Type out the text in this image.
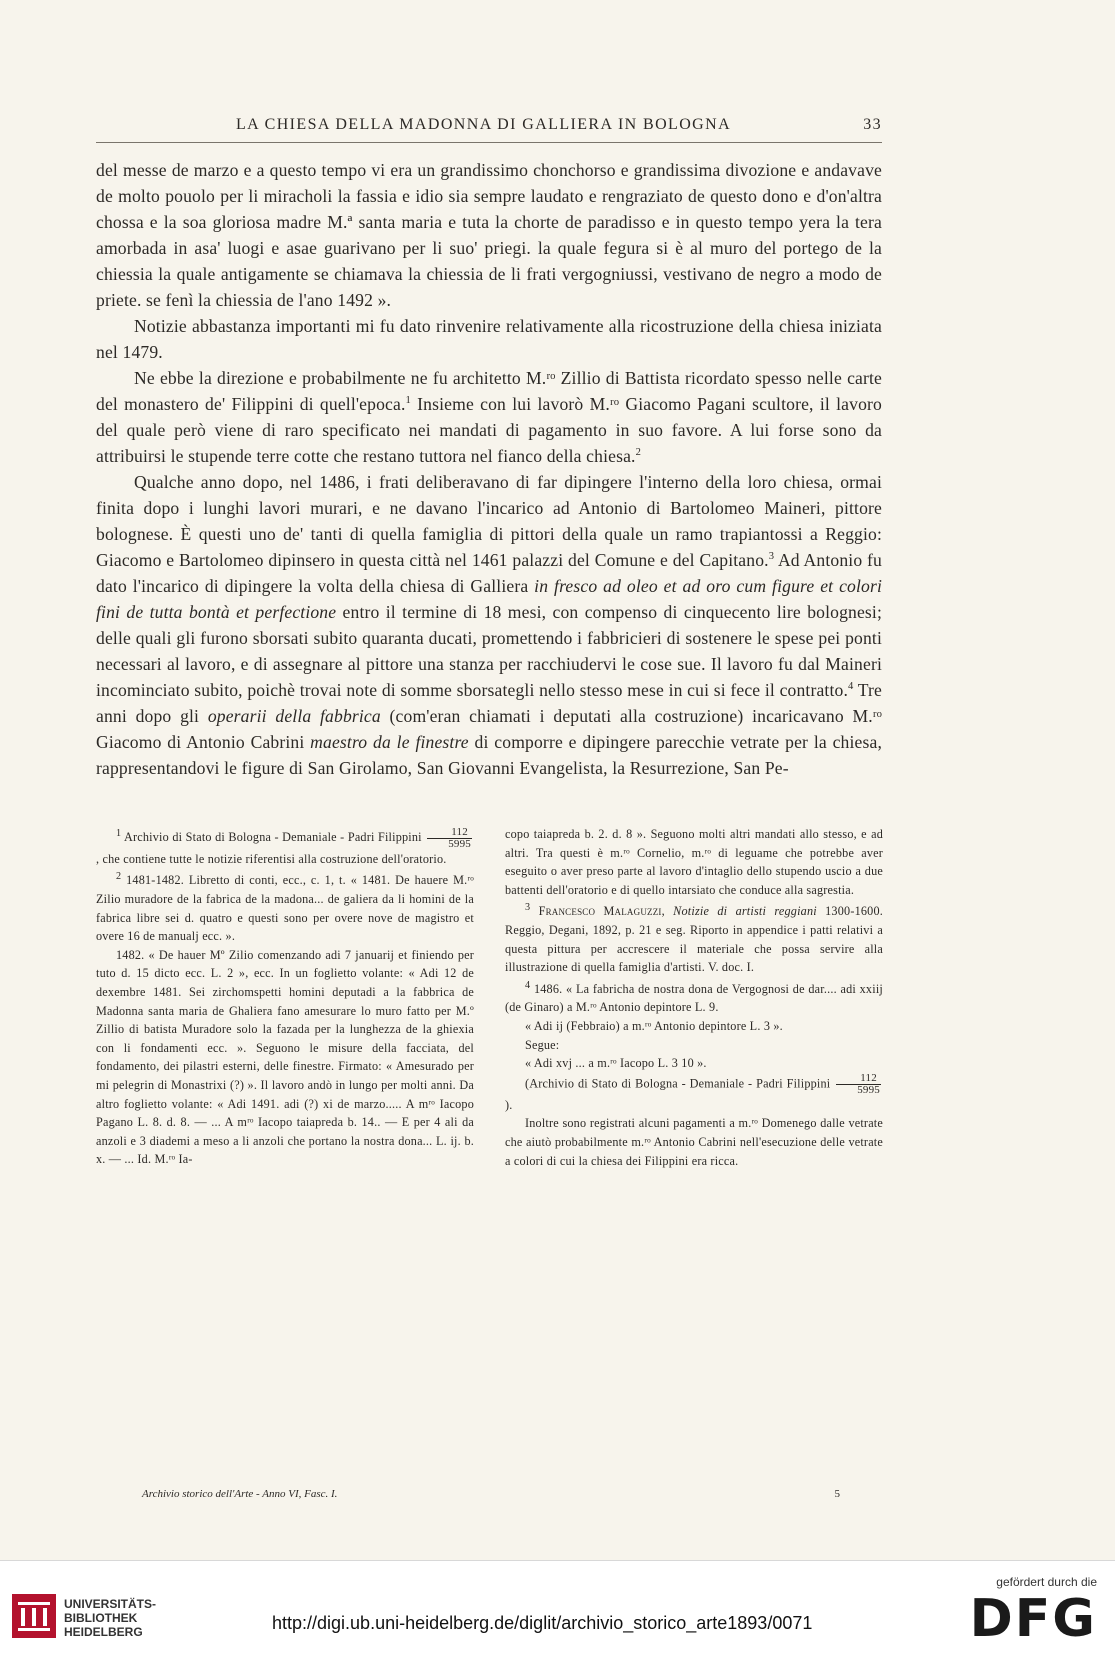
LA CHIESA DELLA MADONNA DI GALLIERA IN BOLOGNA	33

del messe de marzo e a questo tempo vi era un grandissimo chonchorso e grandissima divozione e andavave de molto pouolo per li miracholi la fassia e idio sia sempre laudato e rengraziato de questo dono e d'on'altra chossa e la soa gloriosa madre M.ª santa maria e tuta la chorte de paradisso e in questo tempo yera la tera amorbada in asa' luogi e asae guarivano per li suo' priegi. la quale fegura si è al muro del portego de la chiessia la quale antigamente se chiamava la chiessia de li frati vergogniussi, vestivano de negro a modo de priete. se fenì la chiessia de l'ano 1492 ».

Notizie abbastanza importanti mi fu dato rinvenire relativamente alla ricostruzione della chiesa iniziata nel 1479.

Ne ebbe la direzione e probabilmente ne fu architetto M.ʳᵒ Zillio di Battista ricordato spesso nelle carte del monastero de' Filippini di quell'epoca.$^1$ Insieme con lui lavorò M.ʳᵒ Giacomo Pagani scultore, il lavoro del quale però viene di raro specificato nei mandati di pagamento in suo favore. A lui forse sono da attribuirsi le stupende terre cotte che restano tuttora nel fianco della chiesa.$^2$

Qualche anno dopo, nel 1486, i frati deliberavano di far dipingere l'interno della loro chiesa, ormai finita dopo i lunghi lavori murari, e ne davano l'incarico ad Antonio di Bartolomeo Maineri, pittore bolognese. È questi uno de' tanti di quella famiglia di pittori della quale un ramo trapiantossi a Reggio: Giacomo e Bartolomeo dipinsero in questa città nel 1461 palazzi del Comune e del Capitano.$^3$ Ad Antonio fu dato l'incarico di dipingere la volta della chiesa di Galliera in fresco ad oleo et ad oro cum figure et colori fini de tutta bontà et perfectione entro il termine di 18 mesi, con compenso di cinquecento lire bolognesi; delle quali gli furono sborsati subito quaranta ducati, promettendo i fabbricieri di sostenere le spese pei ponti necessari al lavoro, e di assegnare al pittore una stanza per racchiudervi le cose sue. Il lavoro fu dal Maineri incominciato subito, poichè trovai note di somme sborsategli nello stesso mese in cui si fece il contratto.$^4$ Tre anni dopo gli operarii della fabbrica (com'eran chiamati i deputati alla costruzione) incaricavano M.ʳᵒ Giacomo di Antonio Cabrini maestro da le finestre di comporre e dipingere parecchie vetrate per la chiesa, rappresentandovi le figure di San Girolamo, San Giovanni Evangelista, la Resurrezione, San Pe-

$^1$ Archivio di Stato di Bologna - Demaniale - Padri Filippini $\frac{112}{5995}$
, che contiene tutte le notizie riferentisi alla costruzione dell'oratorio.

$^2$ 1481-1482. Libretto di conti, ecc., c. 1, t. « 1481. De hauere M.ʳᵒ Zilio muradore de la fabrica de la madona... de galiera da li homini de la fabrica libre sei d. quatro e questi sono per overe nove de magistro et overe 16 de manualj ecc. ».

1482. « De hauer Mº Zilio comenzando adi 7 januarij et finiendo per tuto d. 15 dicto ecc. L. 2 », ecc. In un foglietto volante: « Adi 12 de dexembre 1481. Sei zirchomspetti homini deputadi a la fabbrica de Madonna santa maria de Ghaliera fano amesurare lo muro fatto per M.º Zillio di batista Muradore solo la fazada per la lunghezza de la ghiexia con li fondamenti ecc. ». Seguono le misure della facciata, del fondamento, dei pilastri esterni, delle finestre. Firmato: « Amesurado per mi pelegrin di Monastrixi (?) ». Il lavoro andò in lungo per molti anni. Da altro foglietto volante: « Adi 1491. adi (?) xi de marzo..... A mʳᵒ Iacopo Pagano L. 8. d. 8. — ... A mʳᵒ Iacopo taiapreda b. 14.. — E per 4 ali da anzoli e 3 diademi a meso a li anzoli che portano la nostra dona... L. ij. b. x. — ... Id. M.ʳᵒ Ia-

copo taiapreda b. 2. d. 8 ». Seguono molti altri mandati allo stesso, e ad altri. Tra questi è m.ʳᵒ Cornelio, m.ʳᵒ di leguame che potrebbe aver eseguito o aver preso parte al lavoro d'intaglio dello stupendo uscio a due battenti dell'oratorio e di quello intarsiato che conduce alla sagrestia.

$^3$ Francesco Malaguzzi, Notizie di artisti reggiani 1300-1600. Reggio, Degani, 1892, p. 21 e seg. Riporto in appendice i patti relativi a questa pittura per accrescere il materiale che possa servire alla illustrazione di quella famiglia d'artisti. V. doc. I.

$^4$ 1486. « La fabricha de nostra dona de Vergognosi de dar.... adi xxiij (de Ginaro) a M.ʳᵒ Antonio depintore L. 9.

« Adi ij (Febbraio) a m.ʳᵒ Antonio depintore L. 3 ».

Segue:

« Adi xvj ... a m.ʳᵒ Iacopo L. 3 10 ».

(Archivio di Stato di Bologna - Demaniale - Padri Filippini $\frac{112}{5995}$
).

Inoltre sono registrati alcuni pagamenti a m.ʳᵒ Domenego dalle vetrate che aiutò probabilmente m.ʳᵒ Antonio Cabrini nell'esecuzione delle vetrate a colori di cui la chiesa dei Filippini era ricca.

Archivio storico dell'Arte - Anno VI, Fasc. I.	5
UNIVERSITÄTS-
BIBLIOTHEK
HEIDELBERG	http://digi.ub.uni-heidelberg.de/diglit/archivio_storico_arte1893/0071
gefördert durch die
DFG
